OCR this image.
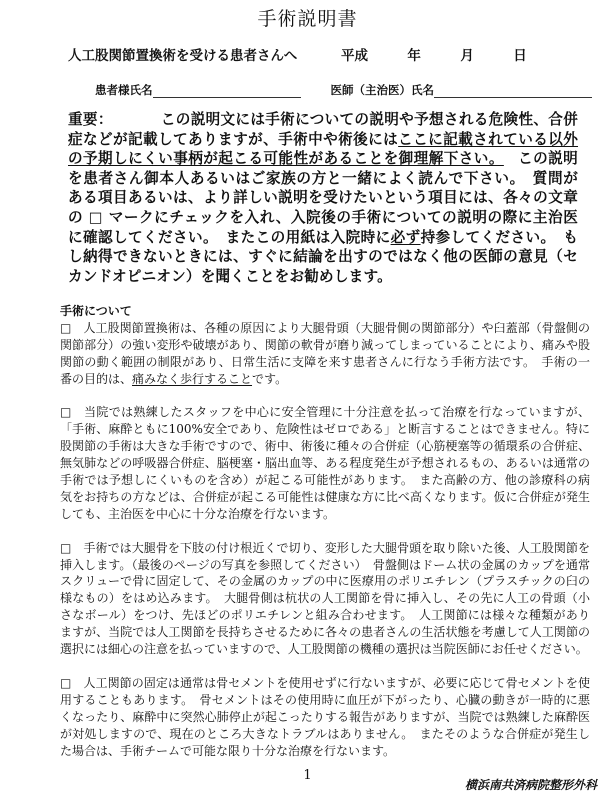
手術説明書
人工股関節置換術を受ける患者さんへ	平成	年	月	日
患者様氏名	医師（主治医）氏名
重要：	この説明文には手術についての説明や予想される危険性、合併症などが記載してありますが、手術中や術後にはここに記載されている以外の予期しにくい事柄が起こる可能性があることを御理解下さい。 この説明を患者さん御本人あるいはご家族の方と一緒によく読んで下さい。　質問がある項目あるいは、より詳しい説明を受けたいという項目には、各々の文章の □ マークにチェックを入れ、入院後の手術についての説明の際に主治医に確認してください。　またこの用紙は入院時に必ず持参してください。　もし納得できないときには、すぐに結論を出すのではなく他の医師の意見（セカンドオピニオン）を聞くことをお勧めします。
手術について

□　人工股関節置換術は、各種の原因により大腿骨頭（大腿骨側の関節部分）や臼蓋部（骨盤側の関節部分）の強い変形や破壊があり、関節の軟骨が磨り減ってしまっていることにより、痛みや股関節の動く範囲の制限があり、日常生活に支障を来す患者さんに行なう手術方法です。　手術の一番の目的は、痛みなく歩行することです。

□　当院では熟練したスタッフを中心に安全管理に十分注意を払って治療を行なっていますが、「手術、麻酔ともに100%安全であり、危険性はゼロである」と断言することはできません。特に股関節の手術は大きな手術ですので、術中、術後に種々の合併症（心筋梗塞等の循環系の合併症、無気肺などの呼吸器合併症、脳梗塞・脳出血等、ある程度発生が予想されるもの、あるいは通常の手術では予想しにくいものを含め）が起こる可能性があります。　また高齢の方、他の診療科の病気をお持ちの方などは、合併症が起こる可能性は健康な方に比べ高くなります。仮に合併症が発生しても、主治医を中心に十分な治療を行ないます。

□　手術では大腿骨を下肢の付け根近くで切り、変形した大腿骨頭を取り除いた後、人工股関節を挿入します。（最後のページの写真を参照してください）　骨盤側はドーム状の金属のカップを通常スクリューで骨に固定して、その金属のカップの中に医療用のポリエチレン（プラスチックの臼の様なもの）をはめ込みます。　大腿骨側は杭状の人工関節を骨に挿入し、その先に人工の骨頭（小さなボール）をつけ、先ほどのポリエチレンと組み合わせます。　人工関節には様々な種類がありますが、当院では人工関節を長持ちさせるために各々の患者さんの生活状態を考慮して人工関節の選択には細心の注意を払っていますので、人工股関節の機種の選択は当院医師にお任せください。

□　人工関節の固定は通常は骨セメントを使用せずに行ないますが、必要に応じて骨セメントを使用することもあります。　骨セメントはその使用時に血圧が下がったり、心臓の動きが一時的に悪くなったり、麻酔中に突然心肺停止が起こったりする報告がありますが、当院では熟練した麻酔医が対処しますので、現在のところ大きなトラブルはありません。　またそのような合併症が発生した場合は、手術チームで可能な限り十分な治療を行ないます。

1
横浜南共済病院整形外科
